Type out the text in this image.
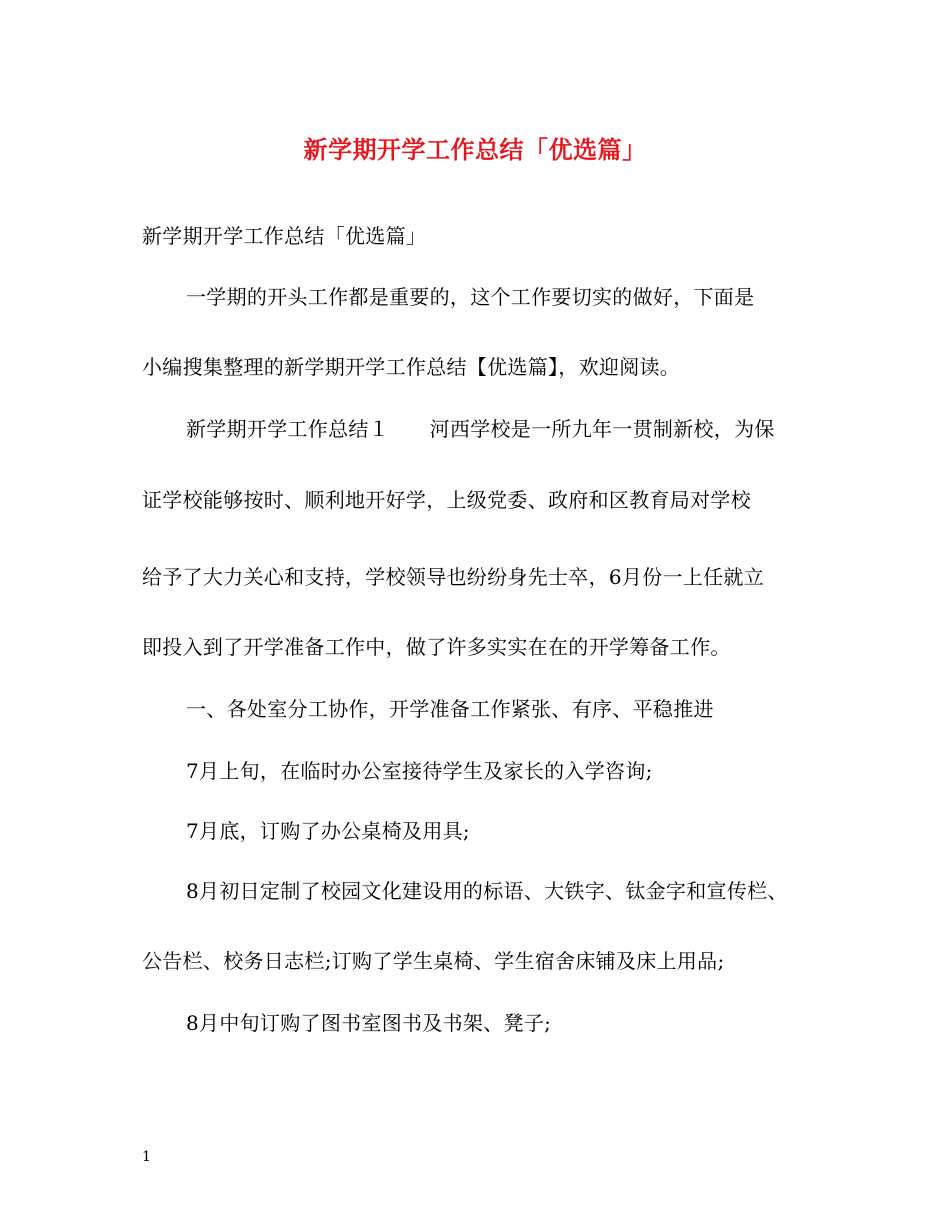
新学期开学工作总结「优选篇」
新学期开学工作总结「优选篇」
一学期的开头工作都是重要的，这个工作要切实的做好，下面是
小编搜集整理的新学期开学工作总结【优选篇】，欢迎阅读。
新学期开学工作总结１　　河西学校是一所九年一贯制新校，为保
证学校能够按时、顺利地开好学，上级党委、政府和区教育局对学校
给予了大力关心和支持，学校领导也纷纷身先士卒，6月份一上任就立
即投入到了开学准备工作中，做了许多实实在在的开学筹备工作。
一、各处室分工协作，开学准备工作紧张、有序、平稳推进
7月上旬，在临时办公室接待学生及家长的入学咨询;
7月底，订购了办公桌椅及用具;
8月初日定制了校园文化建设用的标语、大铁字、钛金字和宣传栏、
公告栏、校务日志栏;订购了学生桌椅、学生宿舍床铺及床上用品;
8月中旬订购了图书室图书及书架、凳子;
1
